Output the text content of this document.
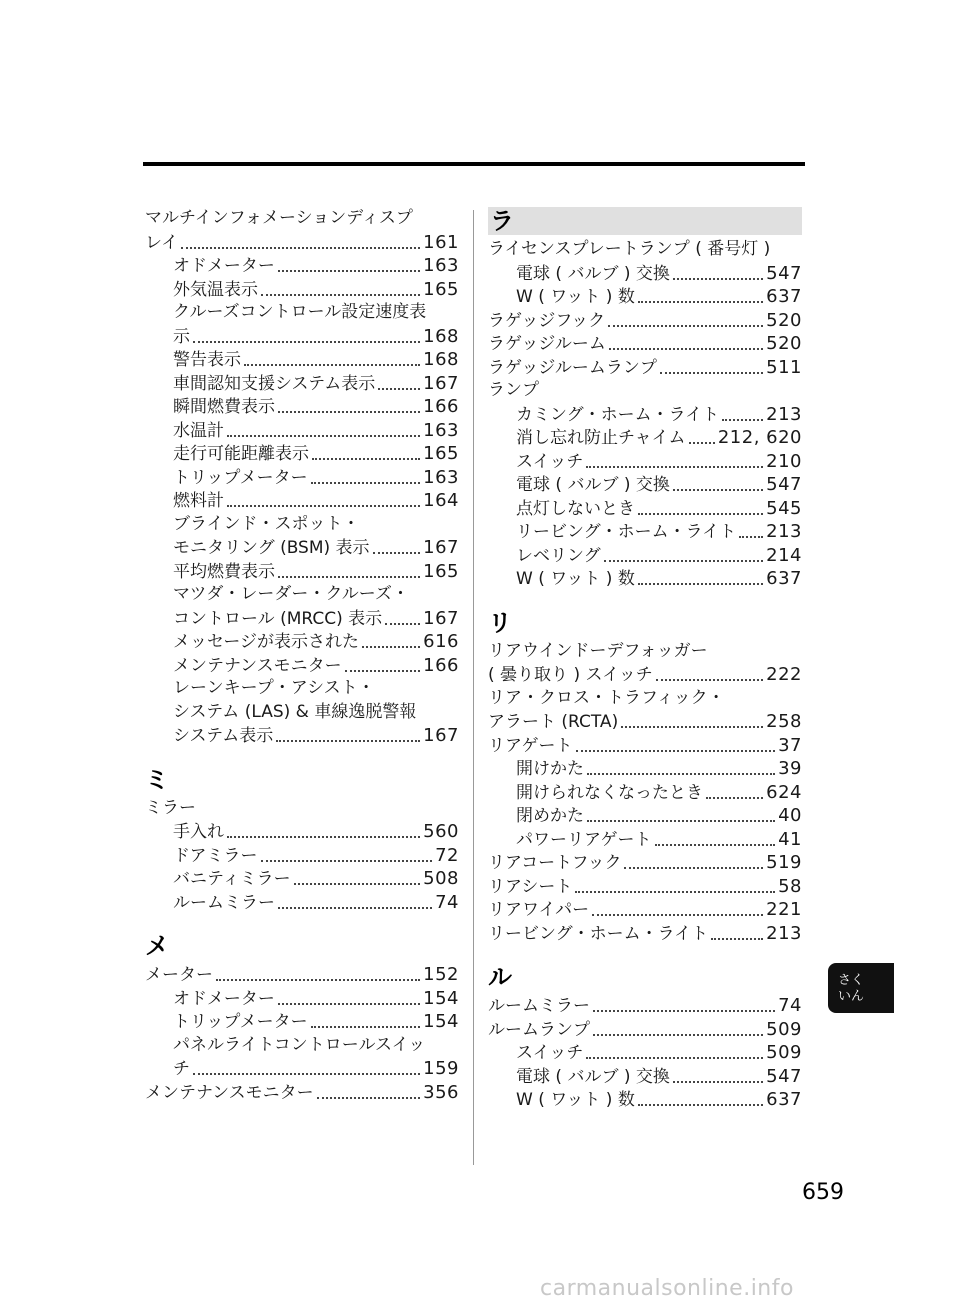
マルチインフォメーションディスプ
レイ	161
オドメーター	163
外気温表示	165
クルーズコントロール設定速度表
示	168
警告表示	168
車間認知支援システム表示	167
瞬間燃費表示	166
水温計	163
走行可能距離表示	165
トリップメーター	163
燃料計	164
ブラインド・スポット・
モニタリング (BSM) 表示	167
平均燃費表示	165
マツダ・レーダー・クルーズ・
コントロール (MRCC) 表示 167
メッセージが表示された	616
メンテナンスモニター	166
レーンキープ・アシスト・
システム (LAS) & 車線逸脱警報
システム表示	167
ミ
ミラー
手入れ	560
ドアミラー	72
バニティミラー	508
ルームミラー	74
メ
メーター	152
オドメーター	154
トリップメーター	154
パネルライトコントロールスイッ
チ	159
メンテナンスモニター	356
ラ
ライセンスプレートランプ ( 番号灯 )
電球 ( バルブ ) 交換	547
W ( ワット ) 数	637
ラゲッジフック	520
ラゲッジルーム	520
ラゲッジルームランプ	511
ランプ
カミング・ホーム・ライト	213
消し忘れ防止チャイム 212, 620
スイッチ	210
電球 ( バルブ ) 交換	547
点灯しないとき	545
リービング・ホーム・ライト 213
レベリング	214
W ( ワット ) 数	637
リ
リアウインドーデフォッガー
( 曇り取り ) スイッチ	222
リア・クロス・トラフィック・
アラート (RCTA)	258
リアゲート	37
開けかた	39
開けられなくなったとき	624
閉めかた	40
パワーリアゲート	41
リアコートフック	519
リアシート	58
リアワイパー	221
リービング・ホーム・ライト	213
ル
ルームミラー	74
ルームランプ	509
スイッチ	509
電球 ( バルブ ) 交換	547
W ( ワット ) 数	637
さく
いん
659
carmanualsonline.info
